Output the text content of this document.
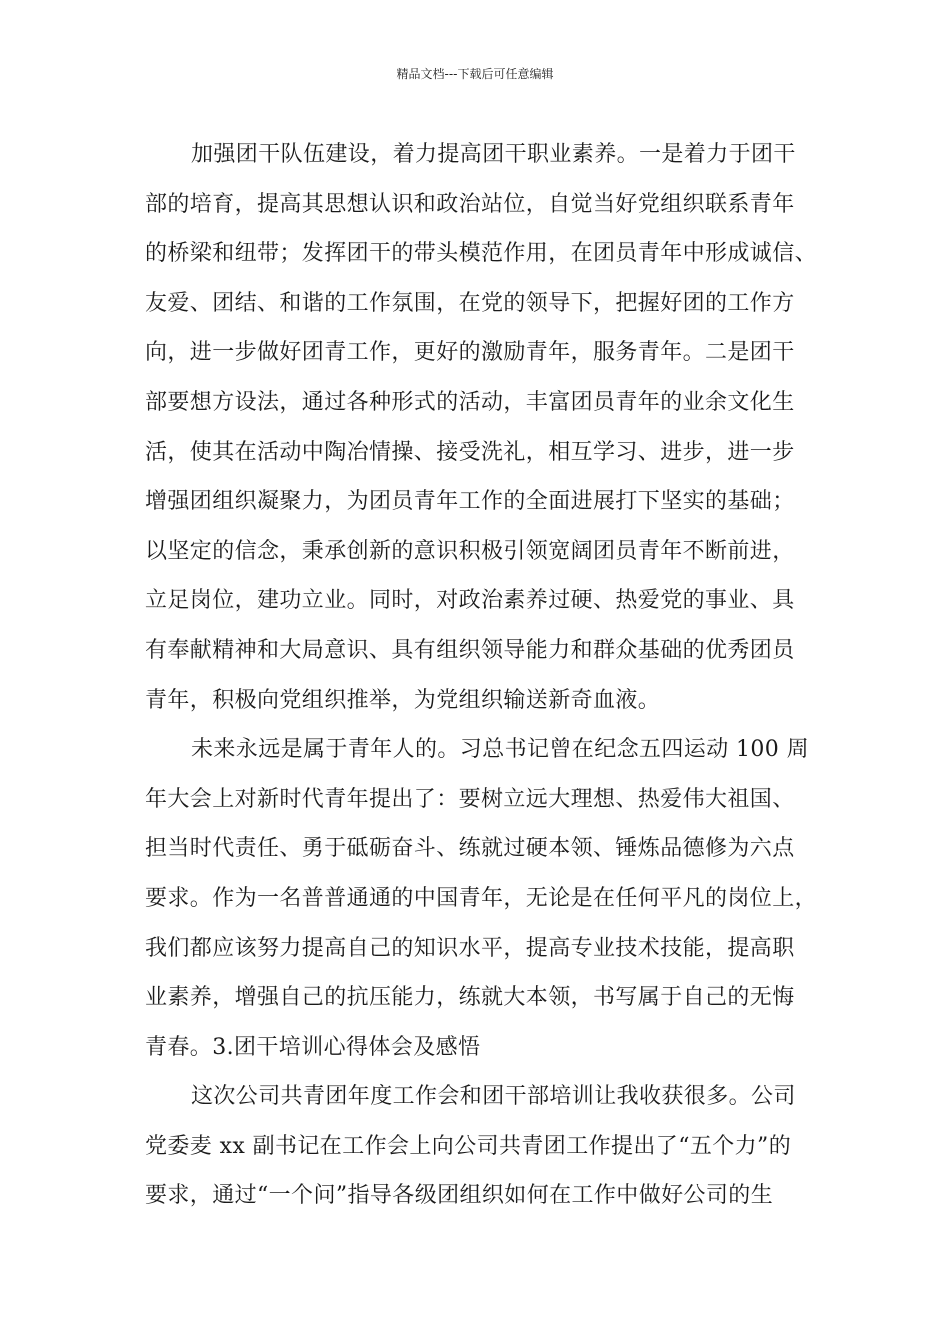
精品文档---下载后可任意编辑
加强团干队伍建设，着力提高团干职业素养。一是着力于团干
部的培育，提高其思想认识和政治站位，自觉当好党组织联系青年
的桥梁和纽带；发挥团干的带头模范作用，在团员青年中形成诚信、
友爱、团结、和谐的工作氛围，在党的领导下，把握好团的工作方
向，进一步做好团青工作，更好的激励青年，服务青年。二是团干
部要想方设法，通过各种形式的活动，丰富团员青年的业余文化生
活，使其在活动中陶冶情操、接受洗礼，相互学习、进步，进一步
增强团组织凝聚力，为团员青年工作的全面进展打下坚实的基础；
以坚定的信念，秉承创新的意识积极引领宽阔团员青年不断前进，
立足岗位，建功立业。同时，对政治素养过硬、热爱党的事业、具
有奉献精神和大局意识、具有组织领导能力和群众基础的优秀团员
青年，积极向党组织推举，为党组织输送新奇血液。
未来永远是属于青年人的。习总书记曾在纪念五四运动 100 周
年大会上对新时代青年提出了：要树立远大理想、热爱伟大祖国、
担当时代责任、勇于砥砺奋斗、练就过硬本领、锤炼品德修为六点
要求。作为一名普普通通的中国青年，无论是在任何平凡的岗位上，
我们都应该努力提高自己的知识水平，提高专业技术技能，提高职
业素养，增强自己的抗压能力，练就大本领，书写属于自己的无悔
青春。3.团干培训心得体会及感悟
这次公司共青团年度工作会和团干部培训让我收获很多。公司
党委麦 xx 副书记在工作会上向公司共青团工作提出了“五个力”的
要求，通过“一个问”指导各级团组织如何在工作中做好公司的生
